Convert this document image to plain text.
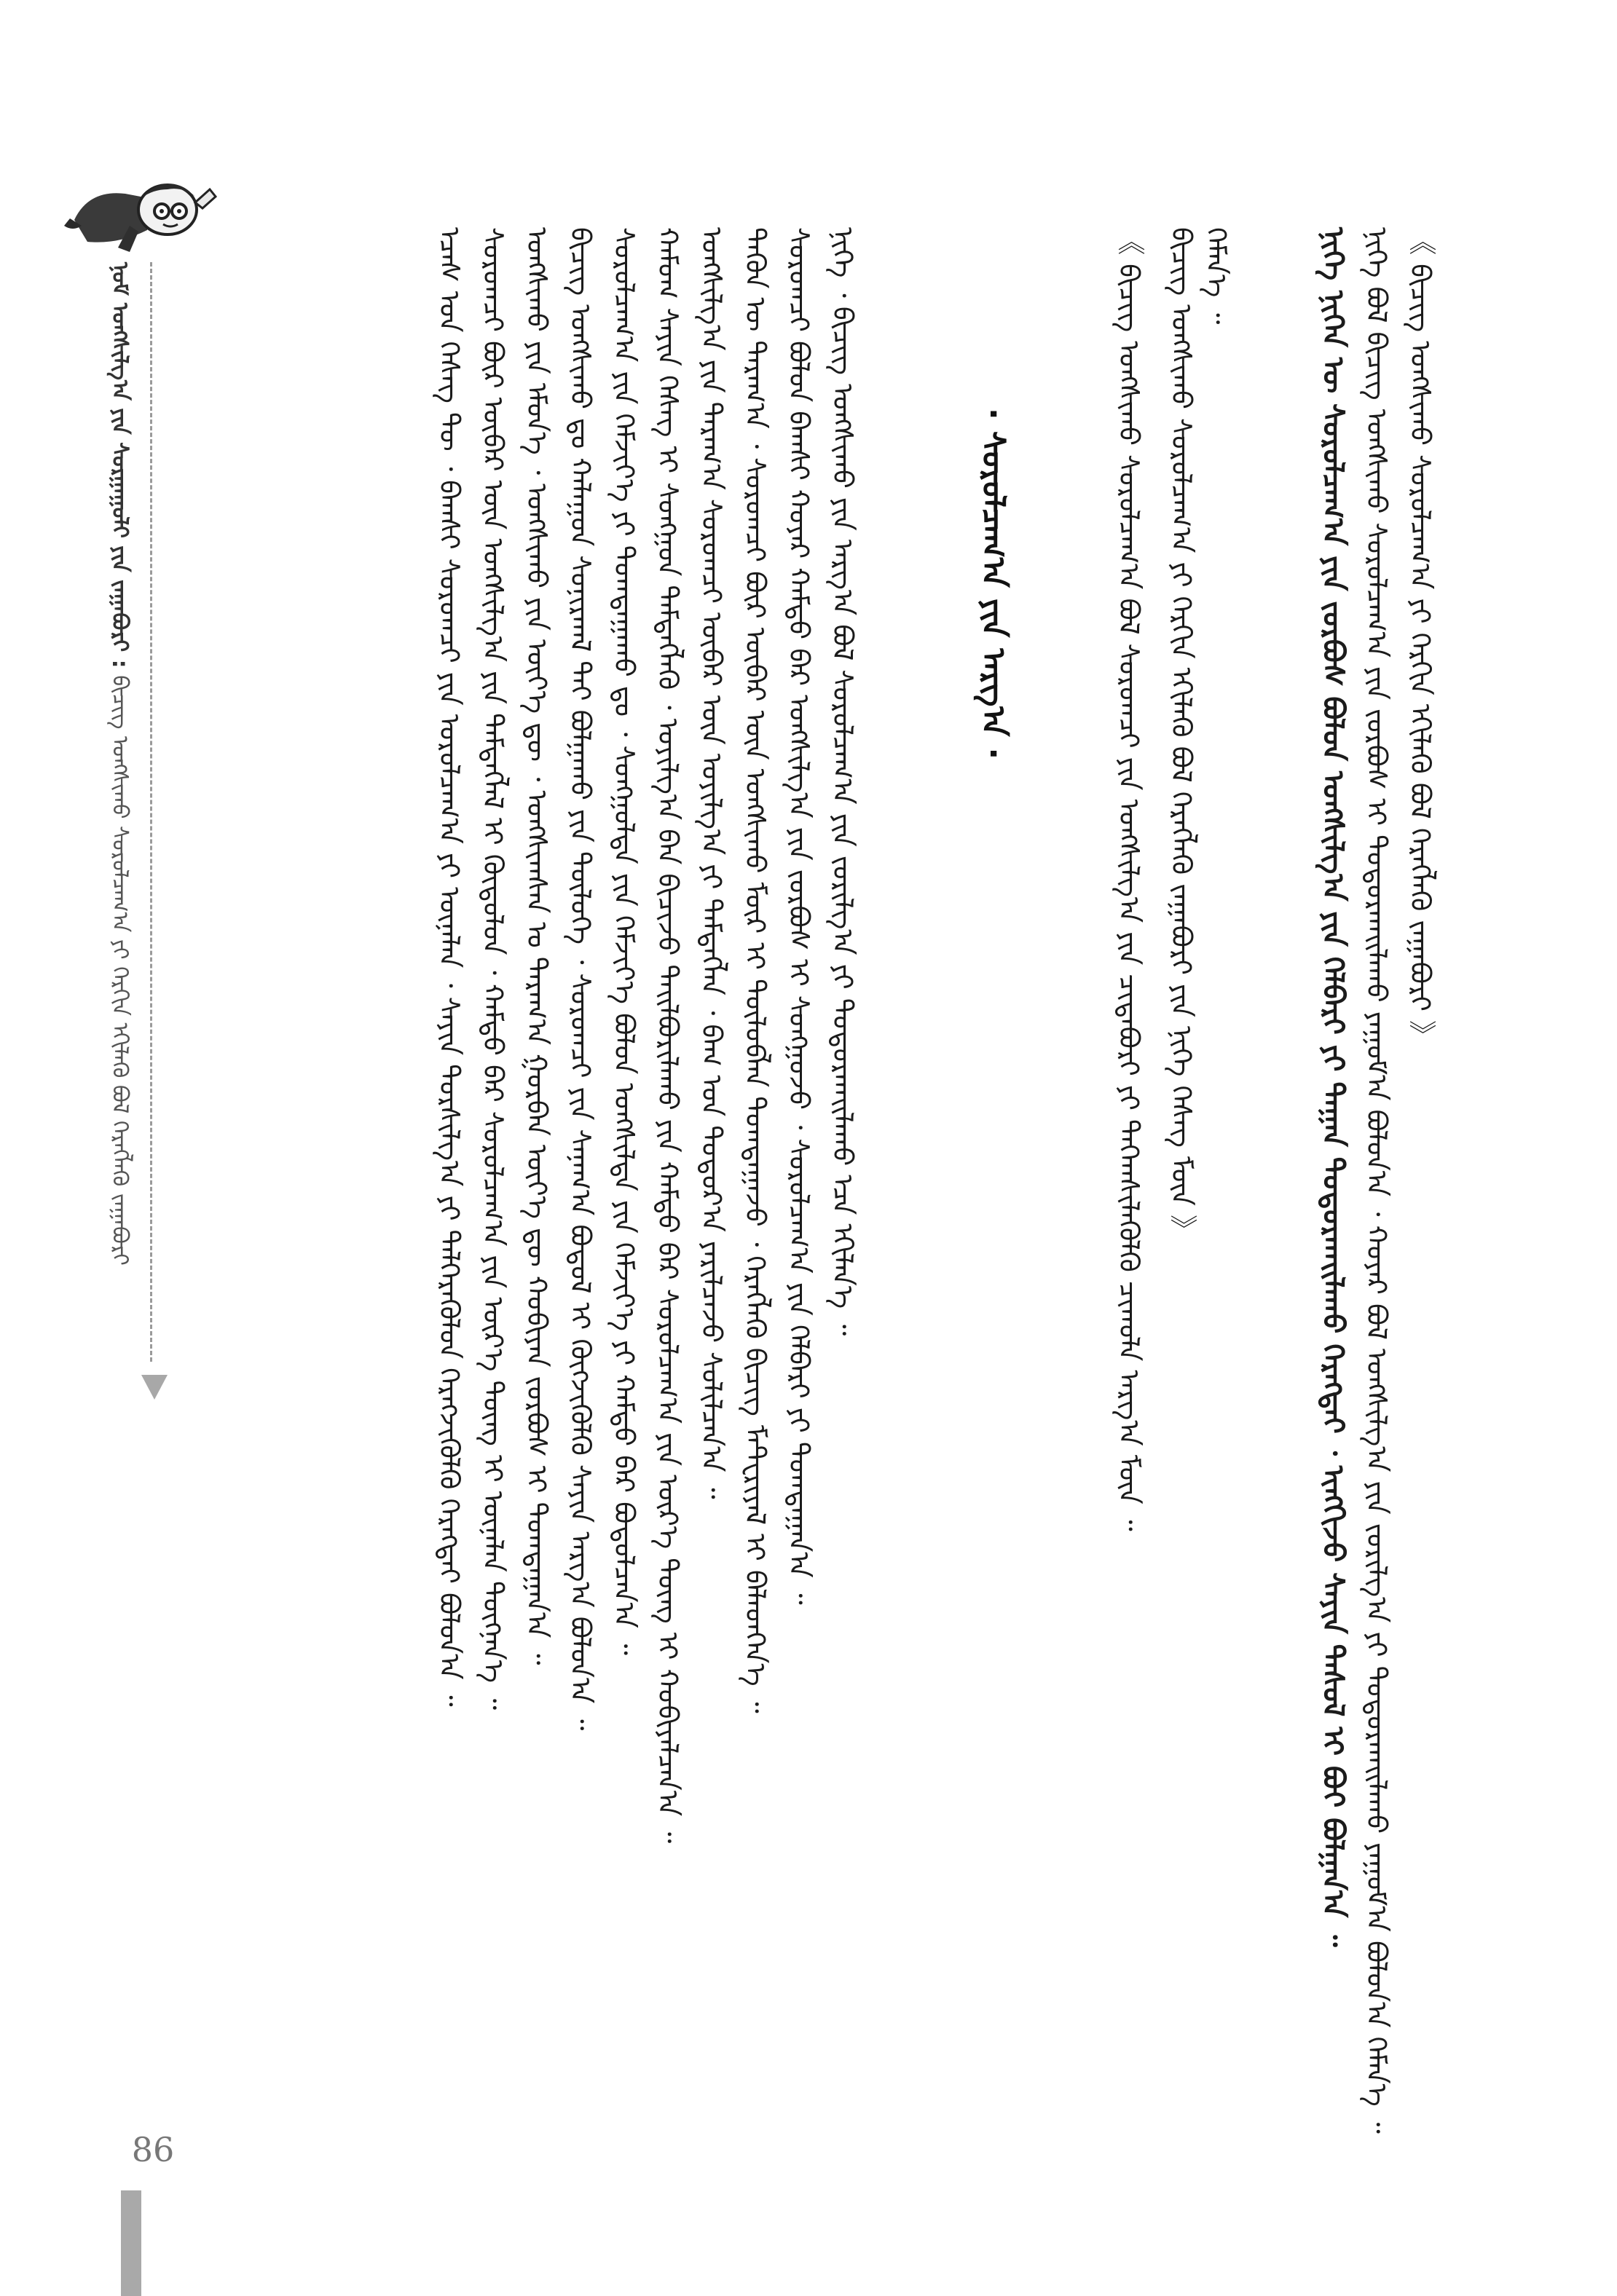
86
ᠨᠣᠮ ᠤᠩᠰᠢᠯᠭ᠎ᠠ ᠶᠢᠨ ᠰᠤᠷᠭᠠᠭᠤᠯᠢ ᠶᠢᠨ ᠵᠠᠭᠠᠪᠤᠷᠢ : ᠪᠢᠴᠢᠭ᠌ ᠤᠩᠰᠢᠬᠤ ᠰᠤᠷᠤᠯᠴᠠᠭ᠎ᠠ ᠶᠢ ᠬᠡᠷᠬᠢᠨ ᠡᠬᠢᠯᠡᠬᠦ ᠪᠣᠯ ᠬᠡᠷᠡᠭᠯᠡᠬᠦ ᠵᠠᠭᠠᠪᠤᠷᠢ	《 ᠪᠢᠴᠢᠭ᠌ ᠤᠩᠰᠢᠬᠤ ᠰᠤᠷᠤᠯᠴᠠᠭ᠎ᠠ ᠶᠢ ᠬᠡᠷᠬᠢᠨ ᠡᠬᠢᠯᠡᠬᠦ ᠪᠣᠯ ᠬᠡᠷᠡᠭᠯᠡᠬᠦ ᠵᠠᠭᠠᠪᠤᠷᠢ 》
ᠨᠢᠭᠡ ᠪᠣᠯ ᠪᠢᠴᠢᠭ᠌ ᠤᠩᠰᠢᠬᠤ ᠰᠤᠷᠤᠯᠴᠠᠭ᠎ᠠ ᠶᠢᠨ ᠵᠤᠷᠪᠤᠰ ᠢ ᠲᠣᠳᠤᠷᠬᠠᠢᠯᠠᠬᠤ ᠶᠠᠭᠤᠮ᠎ᠠ ᠪᠣᠯᠤᠨ᠎ᠠ ᠂ ᠬᠤᠶᠠᠷ ᠪᠣᠯ ᠤᠩᠰᠢᠯᠭ᠎ᠠ ᠶᠢᠨ ᠵᠣᠷᠢᠯᠭ᠎ᠠ ᠶᠢ ᠲᠣᠳᠤᠷᠬᠠᠢᠯᠠᠬᠤ ᠶᠠᠭᠤᠮ᠎ᠠ ᠪᠣᠯᠤᠨ᠎ᠠ ᠬᠡᠮᠡᠨ᠎ᠡ ᠃
ᠨᠢᠭᠡ ᠨᠢᠭᠡᠨ ᠦ ᠰᠤᠷᠤᠯᠴᠠᠭ᠎ᠠ ᠶᠢᠨ ᠵᠤᠷᠪᠤᠰ ᠪᠣᠯᠤᠨ ᠤᠩᠰᠢᠯᠭ᠎ᠠ ᠶᠢᠨ ᠬᠡᠯᠪᠡᠷᠢ ᠶᠢ ᠳᠠᠭᠠᠨ ᠲᠣᠳᠤᠷᠬᠠᠢᠯᠠᠬᠤ ᠬᠡᠷᠡᠭᠲᠡᠢ ᠂ ᠢᠩᠭᠢᠵᠦ ᠰᠠᠶᠢᠨ ᠳᠠᠰᠤᠯ ᠢ ᠪᠤᠢ ᠪᠣᠯᠭᠠᠨ᠎ᠠ ᠃
ᠬᠡᠮᠡᠨ᠎ᠡ ᠃
ᠪᠢᠴᠢᠭ᠌ ᠤᠩᠰᠢᠬᠤ ᠰᠤᠷᠤᠯᠴᠠᠭ᠎ᠠ ᠶᠢ ᠬᠡᠷᠬᠢᠨ ᠡᠬᠢᠯᠡᠬᠦ ᠪᠣᠯ ᠬᠡᠷᠡᠭᠯᠡᠬᠦ ᠵᠠᠭᠠᠪᠤᠷᠢ ᠶᠢᠨ ᠨᠢᠭᠡ ᠬᠡᠰᠡᠭ ᠮᠥᠨ 》
《 ᠪᠢᠴᠢᠭ᠌ ᠤᠩᠰᠢᠬᠤ ᠰᠤᠷᠤᠯᠴᠠᠭ᠎ᠠ ᠪᠣᠯ ᠰᠤᠷᠤᠭᠴᠢ ᠶᠢᠨ ᠤᠩᠰᠢᠯᠭ᠎ᠠ ᠶᠢᠨ ᠴᠢᠳᠠᠪᠤᠷᠢ ᠶᠢ ᠳᠡᠭᠡᠭ᠍ᠰᠢᠯᠡᠭᠦᠯᠬᠦ ᠴᠢᠬᠤᠯᠠ ᠠᠷᠭ᠎ᠠ ᠮᠥᠨ ᠃
· ᠰᠤᠷᠤᠯᠴᠠᠭ᠎ᠠ ᠶᠢᠨ ᠠᠷᠭ᠎ᠠ ·
ᠨᠢᠭᠡ ᠂ ᠪᠢᠴᠢᠭ᠌ ᠤᠩᠰᠢᠬᠤ ᠶᠢᠨ ᠠᠷᠭ᠎ᠠ ᠪᠣᠯ ᠰᠤᠷᠤᠯᠴᠠᠭ᠎ᠠ ᠶᠢᠨ ᠵᠣᠷᠢᠯᠭ᠎ᠠ ᠶᠢ ᠲᠣᠳᠤᠷᠬᠠᠢᠯᠠᠬᠤ ᠡᠴᠡ ᠡᠬᠢᠯᠡᠨ᠎ᠡ ᠃
ᠰᠤᠷᠤᠭᠴᠢ ᠪᠣᠯᠤᠨ ᠪᠠᠭᠰᠢ ᠬᠣᠶᠠᠷ ᠬᠠᠮᠲᠤ ᠪᠡᠷ ᠤᠩᠰᠢᠯᠭ᠎ᠠ ᠶᠢᠨ ᠵᠤᠷᠪᠤᠰ ᠢ ᠰᠣᠩᠭᠤᠵᠤ ᠂ ᠰᠤᠷᠤᠯᠴᠠᠭ᠎ᠠ ᠶᠢᠨ ᠬᠡᠯᠪᠡᠷᠢ ᠶᠢ ᠲᠣᠭᠲᠠᠭᠠᠨ᠎ᠠ ᠃
ᠲᠡᠭᠦᠨ ᠦ ᠳᠠᠷᠠᠭ᠎ᠠ ᠂ ᠰᠤᠷᠤᠭᠴᠢ ᠪᠦᠷ ᠥᠪᠡᠷ ᠦᠨ ᠤᠩᠰᠢᠬᠤ ᠮᠥᠷ ᠢ ᠲᠥᠯᠥᠪᠯᠡᠨ ᠲᠣᠭᠲᠠᠭᠠᠵᠤ ᠂ ᠬᠡᠷᠡᠭᠯᠡᠬᠦ ᠪᠢᠴᠢᠭ ᠮᠠᠲ᠋ᠧᠷᠢᠶᠠᠯ ᠢ ᠪᠡᠯᠡᠳᠬᠡᠨ᠎ᠡ ᠃
ᠤᠩᠰᠢᠯᠭ᠎ᠠ ᠶᠢᠨ ᠳᠠᠷᠠᠭ᠎ᠠ ᠰᠤᠷᠤᠭᠴᠢ ᠥᠪᠡᠷ ᠦᠨ ᠣᠶᠢᠯᠭ᠎ᠠ ᠶᠢ ᠲᠡᠮᠳᠡᠭᠯᠡᠨ ᠂ ᠪᠠᠭ ᠤᠨ ᠳᠣᠲᠣᠷ᠎ᠠ ᠶᠠᠷᠢᠯᠴᠠᠵᠤ ᠰᠣᠯᠢᠯᠴᠠᠨ᠎ᠠ ᠃
ᠬᠠᠮᠤᠭ ᠰᠠᠶᠢᠨ ᠬᠡᠰᠡᠭ ᠢ ᠰᠣᠩᠭᠤᠨ ᠲᠡᠮᠳᠡᠭᠯᠡᠬᠦ ᠂ ᠣᠶᠢᠯᠭ᠎ᠠ ᠪᠠᠨ ᠪᠢᠴᠢᠵᠦ ᠲᠠᠢᠯᠪᠤᠷᠢᠯᠠᠬᠤ ᠶᠢᠨ ᠬᠠᠮᠲᠤ ᠪᠡᠷ ᠰᠤᠷᠤᠯᠴᠠᠭ᠎ᠠ ᠶᠢᠨ ᠦᠷ᠎ᠡ ᠳᠦᠩ ᠢ ᠬᠤᠪᠢᠶᠠᠯᠴᠠᠨ᠎ᠠ ᠃
ᠰᠤᠷᠤᠯᠴᠠᠭ᠎ᠠ ᠶᠢᠨ ᠬᠡᠮᠵᠢᠶ᠎ᠡ ᠶᠢ ᠲᠣᠭᠲᠠᠭᠠᠬᠤ ᠳᠤ ᠂ ᠰᠣᠩᠭᠤᠯᠲᠠ ᠶᠢᠨ ᠬᠡᠮᠵᠢᠶ᠎ᠡ ᠪᠣᠯᠤᠨ ᠤᠩᠰᠢᠯᠲᠠ ᠶᠢᠨ ᠬᠡᠮᠵᠢᠶ᠎ᠡ ᠶᠢ ᠬᠠᠮᠲᠤ ᠪᠡᠷ ᠪᠣᠳᠤᠯᠴᠠᠨ᠎ᠠ ᠃
ᠪᠢᠴᠢᠭ᠌ ᠤᠩᠰᠢᠬᠤ ᠳᠤ ᠬᠠᠯᠠᠭᠤᠨ ᠰᠣᠨᠢᠷᠬᠠᠯ ᠲᠠᠢ ᠪᠣᠯᠭᠠᠬᠤ ᠶᠢᠨ ᠲᠥᠯᠥᠭᠡ ᠂ ᠰᠤᠷᠤᠭᠴᠢ ᠶᠢᠨ ᠰᠠᠨᠠᠭ᠎ᠠ ᠪᠣᠳᠤᠯ ᠢ ᠬᠥᠭᠵᠢᠭᠦᠯᠬᠦ ᠰᠠᠶᠢᠨ ᠠᠷᠭ᠎ᠠ ᠪᠣᠯᠤᠨ᠎ᠠ ᠃
ᠤᠩᠰᠢᠬᠤ ᠶᠢᠨ ᠡᠮᠦᠨ᠎ᠡ ᠂ ᠤᠩᠰᠢᠬᠤ ᠶᠢᠨ ᠦᠶ᠎ᠡ ᠳᠦ ᠂ ᠤᠩᠰᠢᠭᠰᠠᠨ ᠤ ᠳᠠᠷᠠᠭ᠎ᠠ ᠭᠤᠷᠪᠠᠨ ᠦᠶ᠎ᠡ ᠳᠦ ᠬᠤᠪᠢᠶᠠᠨ ᠵᠤᠷᠪᠤᠰ ᠢ ᠲᠣᠭᠲᠠᠭᠠᠨ᠎ᠠ ᠃
ᠰᠤᠷᠤᠭᠴᠢ ᠪᠦᠷ ᠥᠪᠡᠷ ᠦᠨ ᠤᠩᠰᠢᠯᠭ᠎ᠠ ᠶᠢᠨ ᠲᠡᠮᠳᠡᠭᠯᠡᠯ ᠢ ᠬᠥᠲᠦᠯᠦᠨ ᠂ ᠬᠠᠮᠲᠤ ᠪᠡᠷ ᠰᠤᠷᠤᠯᠴᠠᠭ᠎ᠠ ᠶᠢᠨ ᠦᠷ᠎ᠡ ᠳᠦᠩ ᠢ ᠦᠨᠡᠯᠡᠨ ᠳᠦᠭᠨᠡᠨ᠎ᠡ ᠃
ᠡᠴᠡᠰ ᠤᠨ ᠬᠡᠰᠡᠭ ᠲᠦ ᠂ ᠪᠠᠭᠰᠢ ᠰᠤᠷᠤᠭᠴᠢ ᠶᠢᠨ ᠣᠷᠣᠯᠴᠠᠭ᠎ᠠ ᠶᠢ ᠦᠨᠡᠯᠡᠨ ᠂ ᠰᠠᠶᠢᠨ ᠲᠤᠷᠰᠢᠯᠭ᠎ᠠ ᠶᠢ ᠳᠡᠯᠭᠡᠷᠡᠭᠦᠯᠦᠨ ᠬᠡᠷᠡᠭᠵᠢᠭᠦᠯᠬᠦ ᠬᠡᠷᠡᠭᠲᠡᠢ ᠪᠣᠯᠤᠨ᠎ᠠ ᠃
